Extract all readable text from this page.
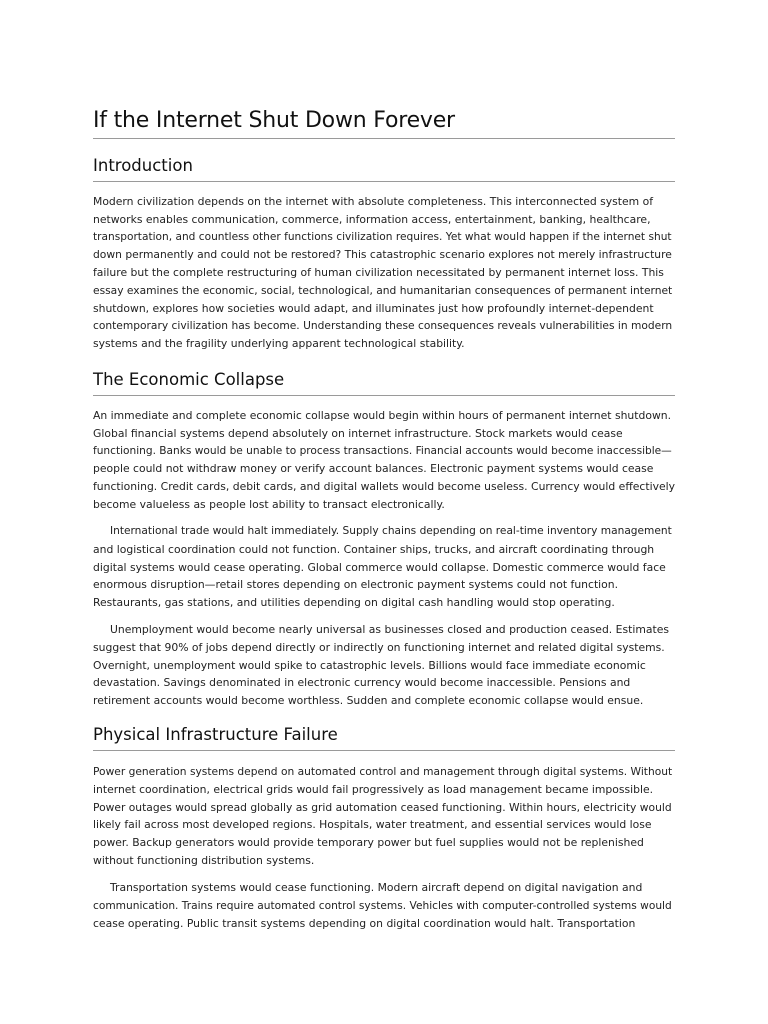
If the Internet Shut Down Forever
Introduction
Modern civilization depends on the internet with absolute completeness. This interconnected system of
networks enables communication, commerce, information access, entertainment, banking, healthcare,
transportation, and countless other functions civilization requires. Yet what would happen if the internet shut
down permanently and could not be restored? This catastrophic scenario explores not merely infrastructure
failure but the complete restructuring of human civilization necessitated by permanent internet loss. This
essay examines the economic, social, technological, and humanitarian consequences of permanent internet
shutdown, explores how societies would adapt, and illuminates just how profoundly internet-dependent
contemporary civilization has become. Understanding these consequences reveals vulnerabilities in modern
systems and the fragility underlying apparent technological stability.
The Economic Collapse
An immediate and complete economic collapse would begin within hours of permanent internet shutdown.
Global financial systems depend absolutely on internet infrastructure. Stock markets would cease
functioning. Banks would be unable to process transactions. Financial accounts would become inaccessible—
people could not withdraw money or verify account balances. Electronic payment systems would cease
functioning. Credit cards, debit cards, and digital wallets would become useless. Currency would effectively
become valueless as people lost ability to transact electronically.
International trade would halt immediately. Supply chains depending on real-time inventory management
and logistical coordination could not function. Container ships, trucks, and aircraft coordinating through
digital systems would cease operating. Global commerce would collapse. Domestic commerce would face
enormous disruption—retail stores depending on electronic payment systems could not function.
Restaurants, gas stations, and utilities depending on digital cash handling would stop operating.
Unemployment would become nearly universal as businesses closed and production ceased. Estimates
suggest that 90% of jobs depend directly or indirectly on functioning internet and related digital systems.
Overnight, unemployment would spike to catastrophic levels. Billions would face immediate economic
devastation. Savings denominated in electronic currency would become inaccessible. Pensions and
retirement accounts would become worthless. Sudden and complete economic collapse would ensue.
Physical Infrastructure Failure
Power generation systems depend on automated control and management through digital systems. Without
internet coordination, electrical grids would fail progressively as load management became impossible.
Power outages would spread globally as grid automation ceased functioning. Within hours, electricity would
likely fail across most developed regions. Hospitals, water treatment, and essential services would lose
power. Backup generators would provide temporary power but fuel supplies would not be replenished
without functioning distribution systems.
Transportation systems would cease functioning. Modern aircraft depend on digital navigation and
communication. Trains require automated control systems. Vehicles with computer-controlled systems would
cease operating. Public transit systems depending on digital coordination would halt. Transportation
